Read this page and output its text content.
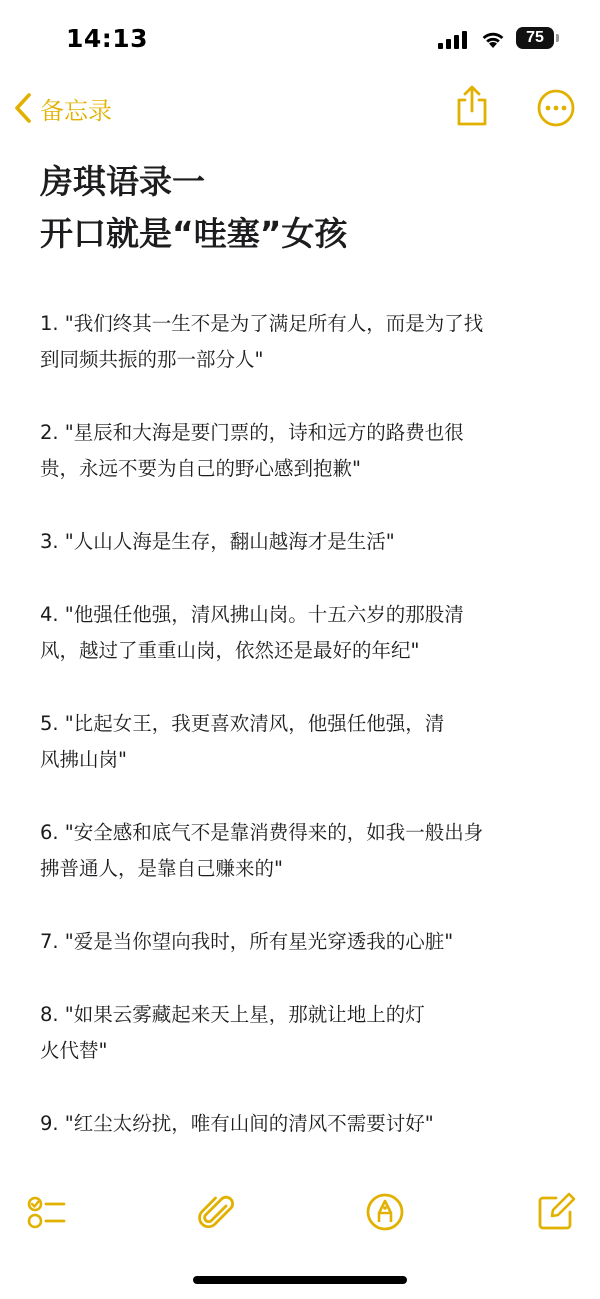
14:13	75
备忘录
房琪语录一
开口就是“哇塞”女孩
1. "我们终其一生不是为了满足所有人，而是为了找
到同频共振的那一部分人"
2. "星辰和大海是要门票的，诗和远方的路费也很
贵，永远不要为自己的野心感到抱歉"
3. "人山人海是生存，翻山越海才是生活"
4. "他强任他强，清风拂山岗。十五六岁的那股清
风，越过了重重山岗，依然还是最好的年纪"
5. "比起女王，我更喜欢清风，他强任他强，清
风拂山岗"
6. "安全感和底气不是靠消费得来的，如我一般出身
拂普通人，是靠自己赚来的"
7. "爱是当你望向我时，所有星光穿透我的心脏"
8. "如果云雾藏起来天上星，那就让地上的灯
火代替"
9. "红尘太纷扰，唯有山间的清风不需要讨好"
